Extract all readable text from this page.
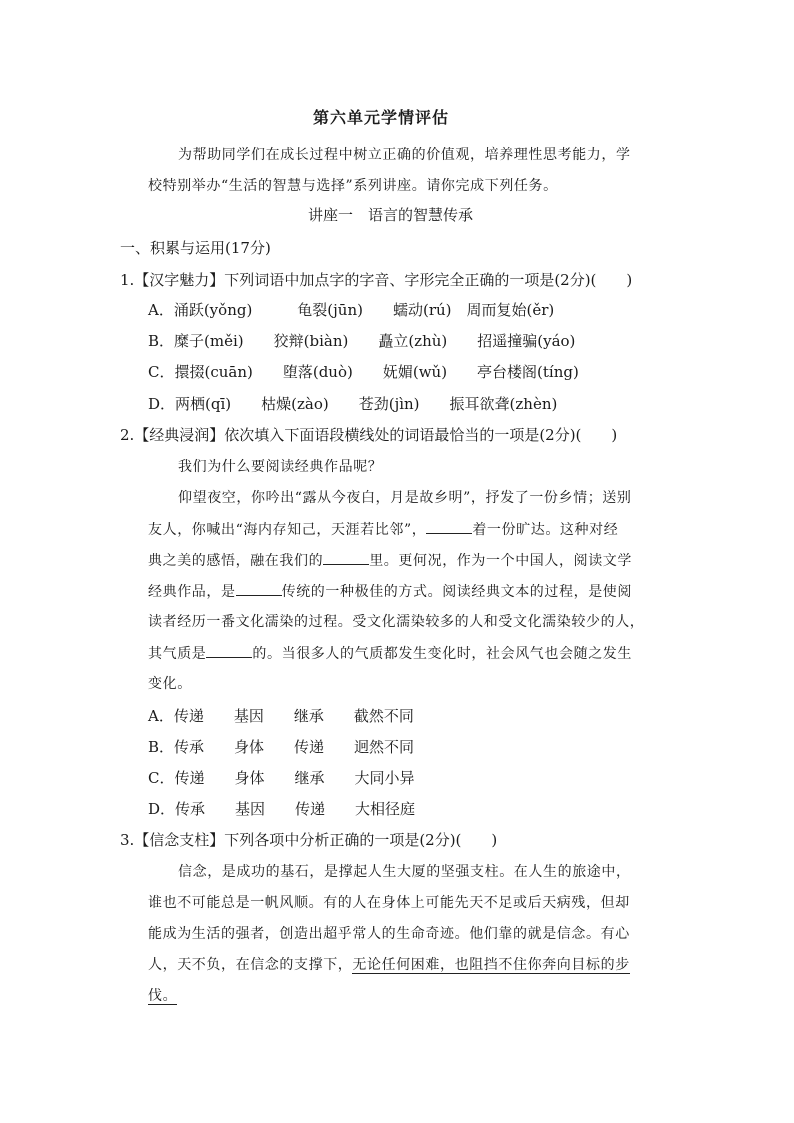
第六单元学情评估
为帮助同学们在成长过程中树立正确的价值观，培养理性思考能力，学
校特别举办“生活的智慧与选择”系列讲座。请你完成下列任务。
讲座一　语言的智慧传承
一、积累与运用(17分)
1.【汉字魅力】下列词语中加点字的字音、字形完全正确的一项是(2分)(　　)
A．涌跃(yǒng)　　　龟裂(jūn)　　蠕动(rú)　周而复始(ěr)
B．糜子(měi)　　狡辩(biàn)　　矗立(zhù)　　招遥撞骗(yáo)
C．擐掇(cuān)　　堕落(duò)　　妩媚(wǔ)　　亭台楼阁(tíng)
D．两栖(qī)　　枯燥(zào)　　苍劲(jìn)　　振耳欲聋(zhèn)
2.【经典浸润】依次填入下面语段横线处的词语最恰当的一项是(2分)(　　)
我们为什么要阅读经典作品呢？
仰望夜空，你吟出“露从今夜白，月是故乡明”，抒发了一份乡情；送别
友人，你喊出“海内存知己，天涯若比邻”，	着一份旷达。这种对经
典之美的感悟，融在我们的	里。更何况，作为一个中国人，阅读文学
经典作品，是	传统的一种极佳的方式。阅读经典文本的过程，是使阅
读者经历一番文化濡染的过程。受文化濡染较多的人和受文化濡染较少的人，
其气质是	的。当很多人的气质都发生变化时，社会风气也会随之发生
变化。
A．传递　　基因　　继承　　截然不同
B．传承　　身体　　传递　　迥然不同
C．传递　　身体　　继承　　大同小异
D．传承　　基因　　传递　　大相径庭
3.【信念支柱】下列各项中分析正确的一项是(2分)(　　)
信念，是成功的基石，是撑起人生大厦的坚强支柱。在人生的旅途中，
谁也不可能总是一帆风顺。有的人在身体上可能先天不足或后天病残，但却
能成为生活的强者，创造出超乎常人的生命奇迹。他们靠的就是信念。有心
人，天不负，在信念的支撑下，无论任何困难，也阻挡不住你奔向目标的步
伐。
